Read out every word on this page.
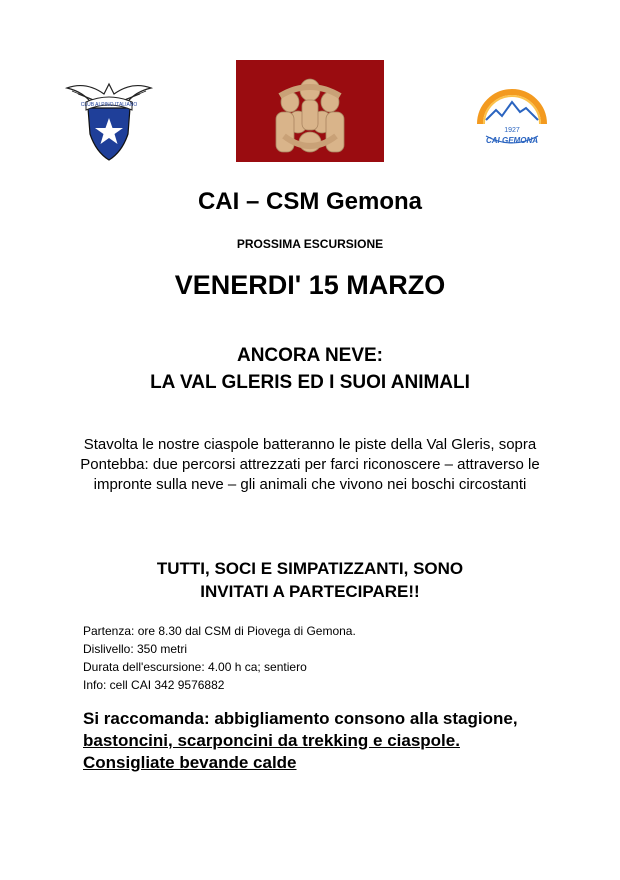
CLUB ALPINO ITALIANO
1927
CAI GEMONA
CAI – CSM Gemona
PROSSIMA ESCURSIONE
VENERDI' 15 MARZO
ANCORA NEVE:
LA VAL GLERIS ED I SUOI ANIMALI
Stavolta le nostre ciaspole batteranno le piste della Val Gleris, sopra Pontebba: due percorsi attrezzati per farci riconoscere – attraverso le impronte sulla neve – gli animali che vivono nei boschi circostanti
TUTTI, SOCI E SIMPATIZZANTI, SONO
INVITATI A PARTECIPARE!!
Partenza: ore 8.30 dal CSM di Piovega di Gemona.
Dislivello: 350 metri
Durata dell'escursione: 4.00 h ca; sentiero
Info: cell CAI 342 9576882
Si raccomanda: abbigliamento consono alla stagione, bastoncini, scarponcini da trekking e ciaspole. Consigliate bevande calde
